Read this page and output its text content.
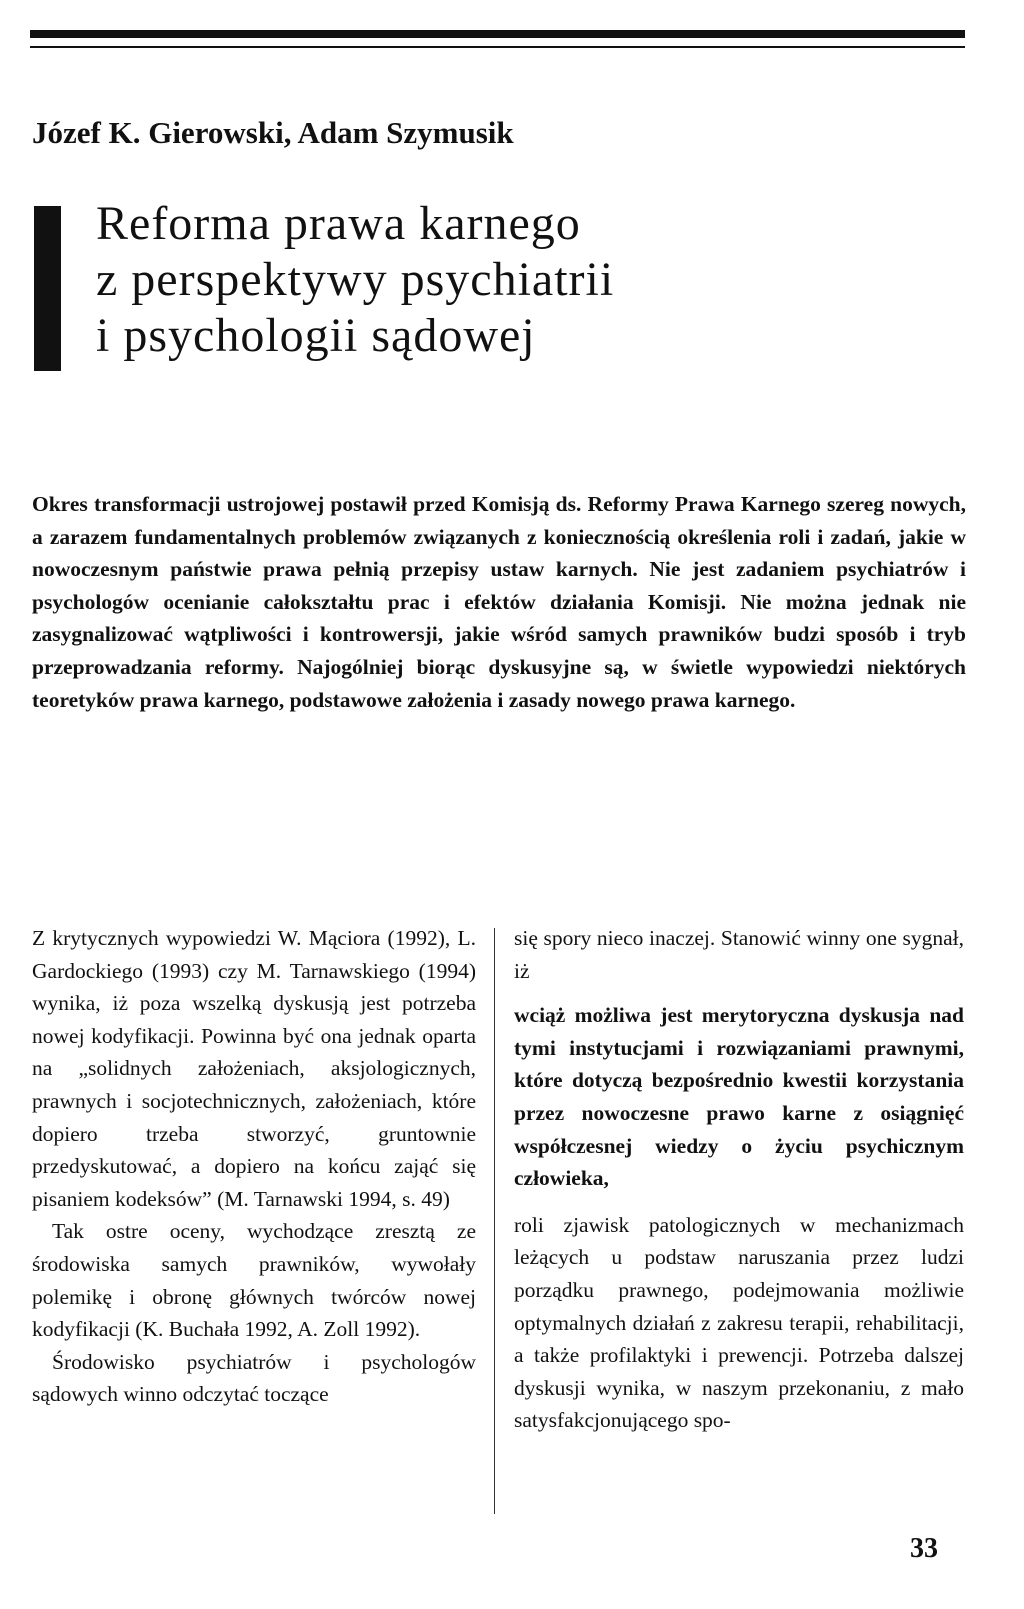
Józef K. Gierowski, Adam Szymusik

Reforma prawa karnego
z perspektywy psychiatrii
i psychologii sądowej

Okres transformacji ustrojowej postawił przed Komisją ds. Reformy Prawa Karnego szereg nowych, a zarazem fundamentalnych problemów związanych z koniecznością określenia roli i zadań, jakie w nowoczesnym państwie prawa pełnią przepisy ustaw karnych. Nie jest zadaniem psychiatrów i psychologów ocenianie całokształtu prac i efektów działania Komisji. Nie można jednak nie zasygnalizować wątpliwości i kontrowersji, jakie wśród samych prawników budzi sposób i tryb przeprowadzania reformy. Najogólniej biorąc dyskusyjne są, w świetle wypowiedzi niektórych teoretyków prawa karnego, podstawowe założenia i zasady nowego prawa karnego.

Z krytycznych wypowiedzi W. Mąciora (1992), L. Gardockiego (1993) czy M. Tarnawskiego (1994) wynika, iż poza wszelką dyskusją jest potrzeba nowej kodyfikacji. Powinna być ona jednak oparta na „solidnych założeniach, aksjologicznych, prawnych i socjotechnicznych, założeniach, które dopiero trzeba stworzyć, gruntownie przedyskutować, a dopiero na końcu zająć się pisaniem kodeksów” (M. Tarnawski 1994, s. 49)

Tak ostre oceny, wychodzące zresztą ze środowiska samych prawników, wywołały polemikę i obronę głównych twórców nowej kodyfikacji (K. Buchała 1992, A. Zoll 1992).

Środowisko psychiatrów i psychologów sądowych winno odczytać toczące

się spory nieco inaczej. Stanowić winny one sygnał, iż

wciąż możliwa jest merytoryczna dyskusja nad tymi instytucjami i rozwiązaniami prawnymi, które dotyczą bezpośrednio kwestii korzystania przez nowoczesne prawo karne z osiągnięć współczesnej wiedzy o życiu psychicznym człowieka,

roli zjawisk patologicznych w mechanizmach leżących u podstaw naruszania przez ludzi porządku prawnego, podejmowania możliwie optymalnych działań z zakresu terapii, rehabilitacji, a także profilaktyki i prewencji. Potrzeba dalszej dyskusji wynika, w naszym przekonaniu, z mało satysfakcjonującego spo-

33
